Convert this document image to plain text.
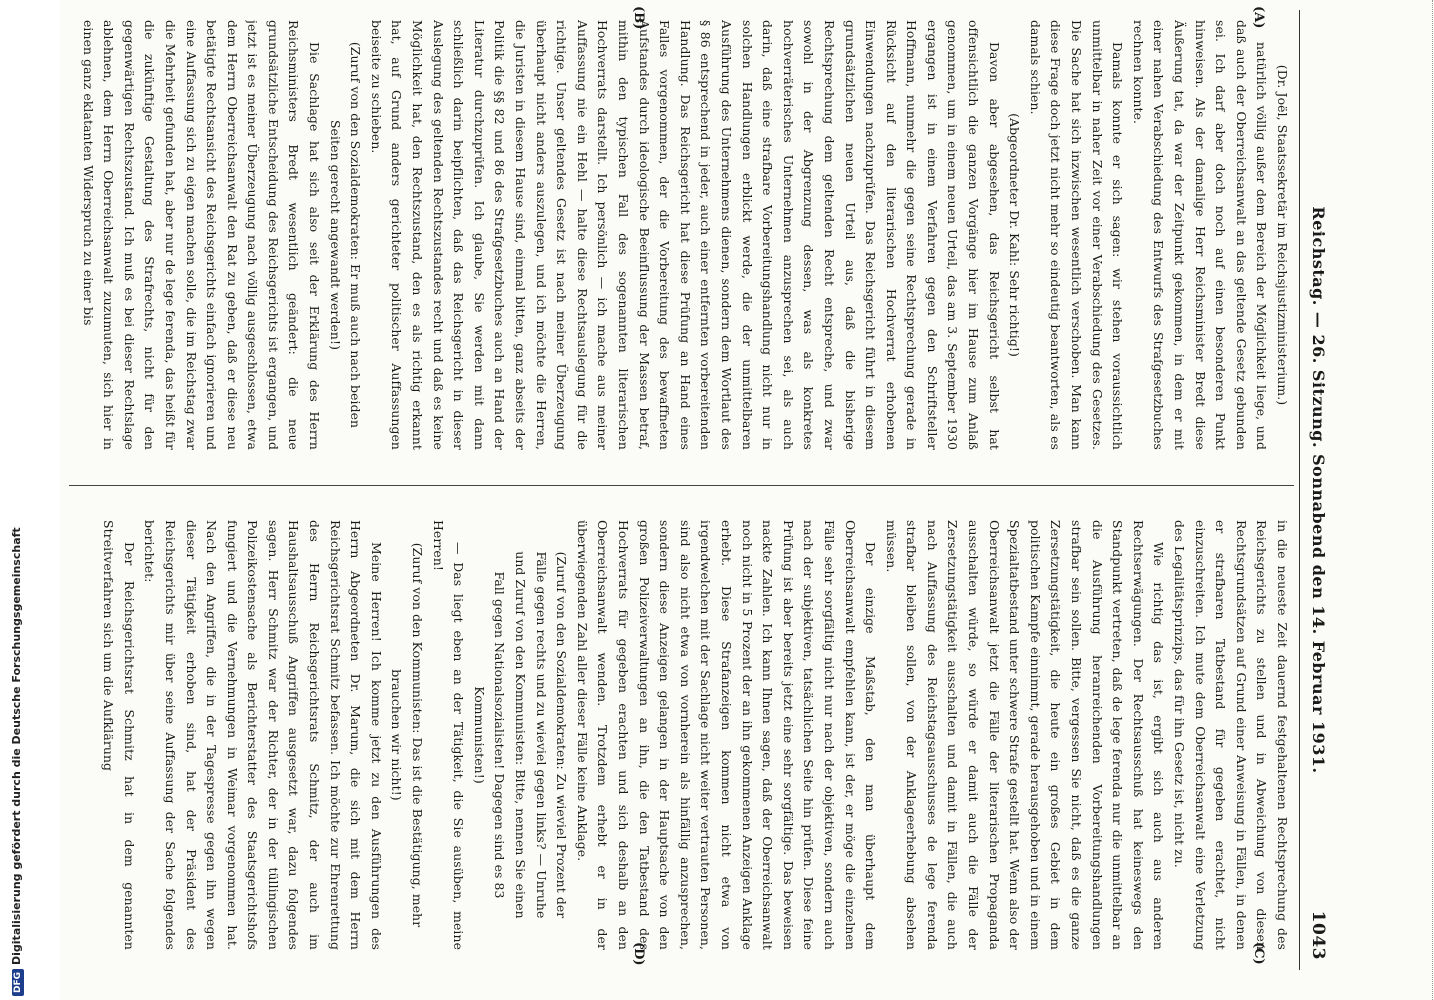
Reichstag. — 26. Sitzung. Sonnabend den 14. Februar 1931.
1043
(A)
(B)
(C)
(D)

(Dr. Joël, Staatssekretär im Reichsjustizministerium.)

natürlich völlig außer dem Bereich der Möglichkeit liege, und daß auch der Oberreichsanwalt an das geltende Gesetz gebunden sei. Ich darf aber doch noch auf einen besonderen Punkt hinweisen. Als der damalige Herr Reichsminister Bredt diese Äußerung tat, da war der Zeitpunkt gekommen, in dem er mit einer nahen Verabschiedung des Entwurfs des Strafgesetzbuches rechnen konnte.

Damals konnte er sich sagen: wir stehen voraussichtlich unmittelbar in naher Zeit vor einer Verabschiedung des Gesetzes. Die Sache hat sich inzwischen wesentlich verschoben. Man kann diese Frage doch jetzt nicht mehr so eindeutig beantworten, als es damals schien.

(Abgeordneter Dr. Kahl: Sehr richtig!)

Davon aber abgesehen, das Reichsgericht selbst hat offensichtlich die ganzen Vorgänge hier im Hause zum Anlaß genommen, um in einem neuen Urteil, das am 3. September 1930 ergangen ist in einem Verfahren gegen den Schriftsteller Hoffmann, nunmehr die gegen seine Rechtsprechung gerade in Rücksicht auf den literarischen Hochverrat erhobenen Einwendungen nachzuprüfen. Das Reichsgericht führt in diesem grundsätzlichen neuen Urteil aus, daß die bisherige Rechtsprechung dem geltenden Recht entspreche, und zwar sowohl in der Abgrenzung dessen, was als konkretes hochverräterisches Unternehmen anzusprechen sei, als auch darin, daß eine strafbare Vorbereitungshandlung nicht nur in solchen Handlungen erblickt werde, die der unmittelbaren Ausführung des Unternehmens dienen, sondern dem Wortlaut des § 86 entsprechend in jeder, auch einer entfernten vorbereitenden Handlung. Das Reichsgericht hat diese Prüfung an Hand eines Falles vorgenommen, der die Vorbereitung des bewaffneten Aufstandes durch ideologische Beeinflussung der Massen betraf, mithin den typischen Fall des sogenannten literarischen Hochverrats darstellt. Ich persönlich — ich mache aus meiner Auffassung nie ein Hehl — halte diese Rechtsauslegung für die richtige. Unser geltendes Gesetz ist nach meiner Überzeugung überhaupt nicht anders auszulegen, und ich möchte die Herren, die Juristen in diesem Hause sind, einmal bitten, ganz abseits der Politik die §§ 82 und 86 des Strafgesetzbuches auch an Hand der Literatur durchzuprüfen. Ich glaube, Sie werden mit dann schließlich darin beipflichten, daß das Reichsgericht in dieser Auslegung des geltenden Rechtszustandes recht und daß es keine Möglichkeit hat, den Rechtszustand, den es als richtig erkannt hat, auf Grund anders gerichteter politischer Auffassungen beiseite zu schieben.

(Zuruf von den Sozialdemokraten: Er muß auch nach beiden Seiten gerecht angewandt werden!)

Die Sachlage hat sich also seit der Erklärung des Herrn Reichsministers Bredt wesentlich geändert: die neue grundsätzliche Entscheidung des Reichsgerichts ist ergangen, und jetzt ist es meiner Überzeugung nach völlig ausgeschlossen, etwa dem Herrn Oberreichsanwalt den Rat zu geben, daß er diese neu betätigte Rechtsansicht des Reichsgerichts einfach ignorieren und eine Auffassung sich zu eigen machen solle, die im Reichstag zwar die Mehrheit gefunden hat, aber nur de lege ferenda, das heißt für die zukünftige Gestaltung des Strafrechts, nicht für den gegenwärtigen Rechtszustand. Ich muß es bei dieser Rechtslage ablehnen, dem Herrn Oberreichsanwalt zuzumuten, sich hier in einen ganz eklatanten Widerspruch zu einer bis

in die neueste Zeit dauernd festgehaltenen Rechtsprechung des Reichsgerichts zu stellen und in Abweichung von diesen Rechtsgrundsätzen auf Grund einer Anweisung in Fällen, in denen er strafbaren Tatbestand für gegeben erachtet, nicht einzuschreiten. Ich mute dem Oberreichsanwalt eine Verletzung des Legalitätsprinzips, das für ihn Gesetz ist, nicht zu.

Wie richtig das ist, ergibt sich auch aus anderen Rechtserwägungen. Der Rechtsausschuß hat keineswegs den Standpunkt vertreten, daß de lege ferenda nur die unmittelbar an die Ausführung heranreichenden Vorbereitungshandlungen strafbar sein sollen. Bitte, vergessen Sie nicht, daß es die ganze Zersetzungstätigkeit, die heute ein großes Gebiet in dem politischen Kampfe einnimmt, gerade herausgehoben und in einem Spezialtatbestand unter schwere Strafe gestellt hat. Wenn also der Oberreichsanwalt jetzt die Fälle der literarischen Propaganda ausschalten würde, so würde er damit auch die Fälle der Zersetzungstätigkeit ausschalten und damit in Fällen, die auch nach Auffassung des Reichstagsausschusses de lege ferenda strafbar bleiben sollen, von der Anklageerhebung absehen müssen.

Der einzige Maßstab, den man überhaupt dem Oberreichsanwalt empfehlen kann, ist der, er möge die einzelnen Fälle sehr sorgfältig nicht nur nach der objektiven, sondern auch nach der subjektiven, tatsächlichen Seite hin prüfen. Diese feine Prüfung ist aber bereits jetzt eine sehr sorgfältige. Das beweisen nackte Zahlen. Ich kann Ihnen sagen, daß der Oberreichsanwalt noch nicht in 5 Prozent der an ihn gekommenen Anzeigen Anklage erhebt. Diese Strafanzeigen kommen nicht etwa von irgendwelchen mit der Sachlage nicht weiter vertrauten Personen, sind also nicht etwa von vornherein als hinfällig anzusprechen, sondern diese Anzeigen gelangen in der Hauptsache von den großen Polizeiverwaltungen an ihn, die den Tatbestand des Hochverrats für gegeben erachten und sich deshalb an den Oberreichsanwalt wenden. Trotzdem erhebt er in der überwiegenden Zahl aller dieser Fälle keine Anklage.

(Zuruf von den Sozialdemokraten: Zu wieviel Prozent der Fälle gegen rechts und zu wieviel gegen links? — Unruhe und Zuruf von den Kommunisten: Bitte, nennen Sie einen Fall gegen Nationalsozialisten! Dagegen sind es 83 Kommunisten!)

— Das liegt eben an der Tätigkeit, die Sie ausüben, meine Herren!

(Zuruf von den Kommunisten: Das ist die Bestätigung, mehr brauchen wir nicht!)

Meine Herren! Ich komme jetzt zu den Ausführungen des Herrn Abgeordneten Dr. Marum, die sich mit dem Herrn Reichsgerichtsrat Schmitz befassen. Ich möchte zur Ehrenrettung des Herrn Reichsgerichtsrats Schmitz, der auch im Haushaltsausschuß Angriffen ausgesetzt war, dazu folgendes sagen. Herr Schmitz war der Richter, der in der tüllingischen Polizeikostensache als Berichterstatter des Staatsgerichtshofs fungiert und die Vernehmungen in Weimar vorgenommen hat. Nach den Angriffen, die in der Tagespresse gegen ihn wegen dieser Tätigkeit erhoben sind, hat der Präsident des Reichsgerichts mir über seine Auffassung der Sache folgendes berichtet:

Der Reichsgerichtsrat Schmitz hat in dem genannten Streitverfahren sich um die Aufklärung

DFGDigitalisierung gefördert durch die Deutsche Forschungsgemeinschaft
